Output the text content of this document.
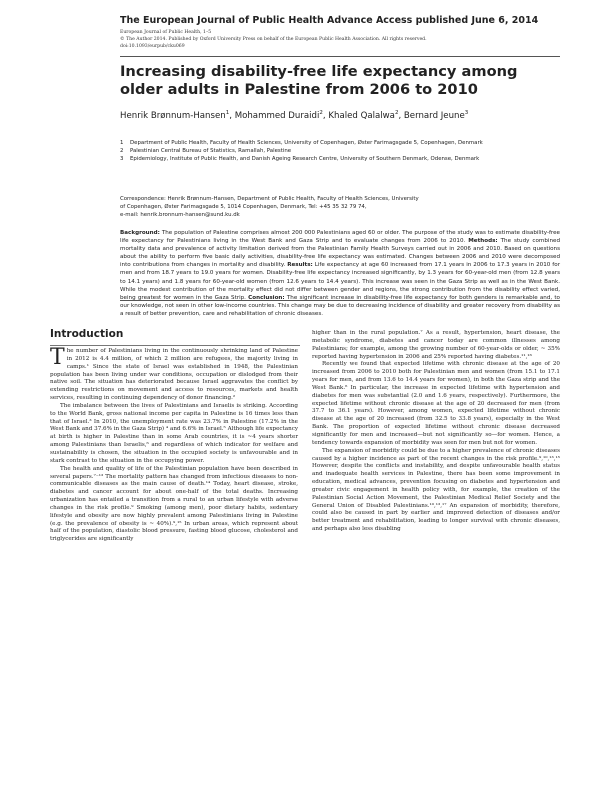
The European Journal of Public Health Advance Access published June 6, 2014
European Journal of Public Health, 1–5
© The Author 2014. Published by Oxford University Press on behalf of the European Public Health Association. All rights reserved.
doi:10.1093/eurpub/cku069
Increasing disability-free life expectancy among older adults in Palestine from 2006 to 2010
Henrik Brønnum-Hansen$^1$, Mohammed Duraidi$^2$, Khaled Qalalwa$^2$, Bernard Jeune$^3$
1 Department of Public Health, Faculty of Health Sciences, University of Copenhagen, Øster Farimagsgade 5, Copenhagen, Denmark
2 Palestinian Central Bureau of Statistics, Ramallah, Palestine
3 Epidemiology, Institute of Public Health, and Danish Ageing Research Centre, University of Southern Denmark, Odense, Denmark
Correspondence: Henrik Brønnum-Hansen, Department of Public Health, Faculty of Health Sciences, University
of Copenhagen, Øster Farimagsgade 5, 1014 Copenhagen, Denmark, Tel: +45 35 32 79 74,
e-mail: henrik.bronnum-hansen@sund.ku.dk
Background: The population of Palestine comprises almost 200 000 Palestinians aged 60 or older. The purpose of the study was to estimate disability-free life expectancy for Palestinians living in the West Bank and Gaza Strip and to evaluate changes from 2006 to 2010. Methods: The study combined mortality data and prevalence of activity limitation derived from the Palestinian Family Health Surveys carried out in 2006 and 2010. Based on questions about the ability to perform five basic daily activities, disability-free life expectancy was estimated. Changes between 2006 and 2010 were decomposed into contributions from changes in mortality and disability. Results: Life expectancy at age 60 increased from 17.1 years in 2006 to 17.3 years in 2010 for men and from 18.7 years to 19.0 years for women. Disability-free life expectancy increased significantly, by 1.3 years for 60-year-old men (from 12.8 years to 14.1 years) and 1.8 years for 60-year-old women (from 12.6 years to 14.4 years). This increase was seen in the Gaza Strip as well as in the West Bank. While the modest contribution of the mortality effect did not differ between gender and regions, the strong contribution from the disability effect varied, being greatest for women in the Gaza Strip. Conclusion: The significant increase in disability-free life expectancy for both genders is remarkable and, to our knowledge, not seen in other low-income countries. This change may be due to decreasing incidence of disability and greater recovery from disability as a result of better prevention, care and rehabilitation of chronic diseases.
Introduction

The number of Palestinians living in the continuously shrinking land of Palestine in 2012 is 4.4 million, of which 2 million are refugees, the majority living in camps.¹ Since the state of Israel was established in 1948, the Palestinian population has been living under war conditions, occupation or dislodged from their native soil. The situation has deteriorated because Israel aggravates the conflict by extending restrictions on movement and access to resources, markets and health services, resulting in continuing dependency of donor financing.²

The imbalance between the lives of Palestinians and Israelis is striking. According to the World Bank, gross national income per capita in Palestine is 16 times less than that of Israel.³ In 2010, the unemployment rate was 23.7% in Palestine (17.2% in the West Bank and 37.6% in the Gaza Strip) ⁴ and 6.6% in Israel.⁵ Although life expectancy at birth is higher in Palestine than in some Arab countries, it is ~4 years shorter among Palestinians than Israelis,⁶ and regardless of which indicator for welfare and sustainability is chosen, the situation in the occupied society is unfavourable and in stark contrast to the situation in the occupying power.

The health and quality of life of the Palestinian population have been described in several papers.⁷⁻¹³ The mortality pattern has changed from infectious diseases to non-communicable diseases as the main cause of death.¹⁴ Today, heart disease, stroke, diabetes and cancer account for about one-half of the total deaths. Increasing urbanization has entailed a transition from a rural to an urban lifestyle with adverse changes in the risk profile.⁹ Smoking (among men), poor dietary habits, sedentary lifestyle and obesity are now highly prevalent among Palestinians living in Palestine (e.g. the prevalence of obesity is ~ 40%).⁹,¹⁵ In urban areas, which represent about half of the population, diastolic blood pressure, fasting blood glucose, cholesterol and triglycerides are significantly

higher than in the rural population.⁷ As a result, hypertension, heart disease, the metabolic syndrome, diabetes and cancer today are common illnesses among Palestinians; for example, among the growing number of 60-year-olds or older, ~ 35% reported having hypertension in 2006 and 25% reported having diabetes.¹¹,¹⁶

Recently we found that expected lifetime with chronic disease at the age of 20 increased from 2006 to 2010 both for Palestinian men and women (from 15.1 to 17.1 years for men, and from 13.6 to 14.4 years for women), in both the Gaza strip and the West Bank.⁶ In particular, the increase in expected lifetime with hypertension and diabetes for men was substantial (2.0 and 1.6 years, respectively). Furthermore, the expected lifetime without chronic disease at the age of 20 decreased for men (from 37.7 to 36.1 years). However, among women, expected lifetime without chronic disease at the age of 20 increased (from 32.5 to 33.8 years), especially in the West Bank. The proportion of expected lifetime without chronic disease decreased significantly for men and increased—but not significantly so—for women. Hence, a tendency towards expansion of morbidity was seen for men but not for women.

The expansion of morbidity could be due to a higher prevalence of chronic diseases caused by a higher incidence as part of the recent changes in the risk profile.⁹,¹⁰,¹³,¹⁵ However, despite the conflicts and instability, and despite unfavourable health status and inadequate health services in Palestine, there has been some improvement in education, medical advances, prevention focusing on diabetes and hypertension and greater civic engagement in health policy with, for example, the creation of the Palestinian Social Action Movement, the Palestinian Medical Relief Society and the General Union of Disabled Palestinians.¹⁰,¹³,¹⁷ An expansion of morbidity, therefore, could also be caused in part by earlier and improved detection of diseases and/or better treatment and rehabilitation, leading to longer survival with chronic diseases, and perhaps also less disabling
